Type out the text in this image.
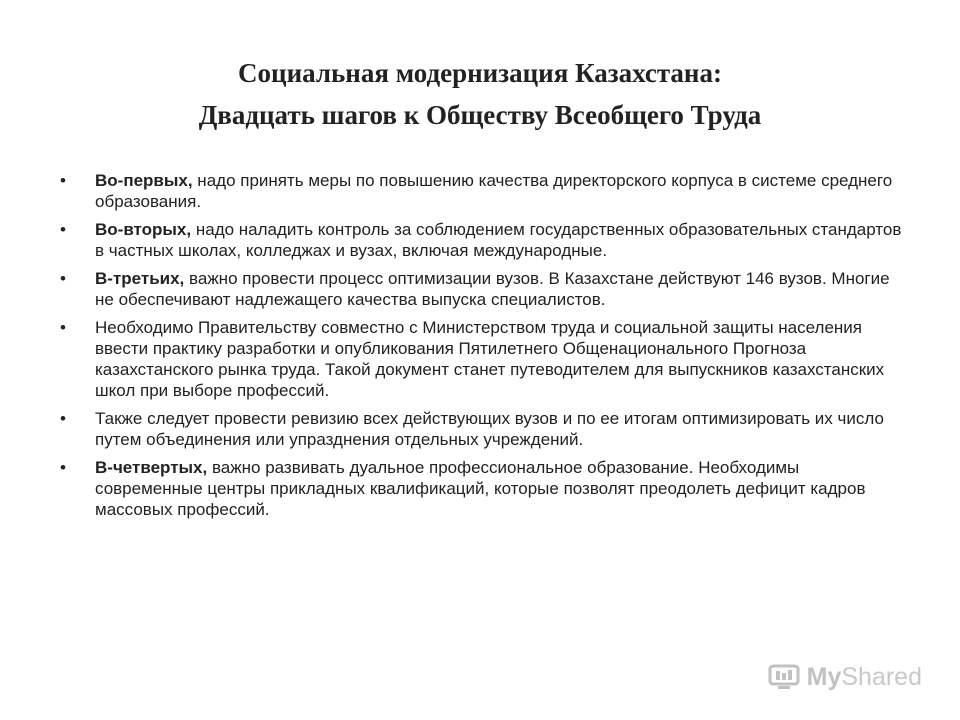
Социальная модернизация Казахстана:
Двадцать шагов к Обществу Всеобщего Труда
• Во-первых, надо принять меры по повышению качества директорского корпуса в системе среднего образования.
• Во-вторых, надо наладить контроль за соблюдением государственных образовательных стандартов в частных школах, колледжах и вузах, включая международные.
• В-третьих, важно провести процесс оптимизации вузов. В Казахстане действуют 146 вузов. Многие не обеспечивают надлежащего качества выпуска специалистов.
• Необходимо Правительству совместно с Министерством труда и социальной защиты населения ввести практику разработки и опубликования Пятилетнего Общенационального Прогноза казахстанского рынка труда. Такой документ станет путеводителем для выпускников казахстанских школ при выборе профессий.
• Также следует провести ревизию всех действующих вузов и по ее итогам оптимизировать их число путем объединения или упразднения отдельных учреждений.
• В-четвертых, важно развивать дуальное профессиональное образование. Необходимы современные центры прикладных квалификаций, которые позволят преодолеть дефицит кадров массовых профессий.
My Shared
